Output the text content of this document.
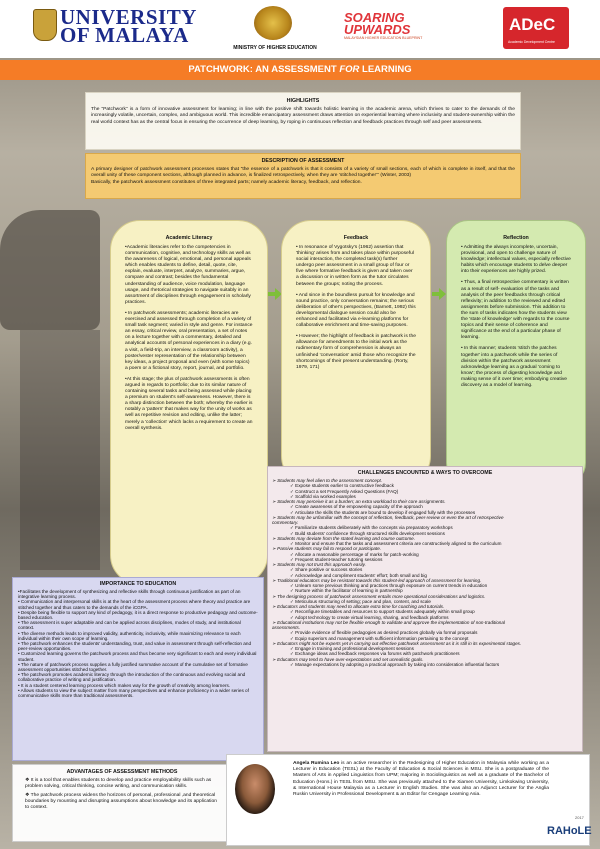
UNIVERSITY
OF MALAYA
MINISTRY OF HIGHER EDUCATION
SOARING UPWARDS
MALAYSIAN HIGHER EDUCATION BLUEPRINT
ADeC
Academic Development Centre
PATCHWORK: AN ASSESSMENT FOR LEARNING
HIGHLIGHTS
The “Patchwork” is a form of innovative assessment for learning; in line with the positive shift towards holistic learning in the academic arena, which thrives to cater to the demands of the increasingly volatile, uncertain, complex, and ambiguous world. This incredible emancipatory assessment draws attention on experiential learning where inclusivity and student-ownership within the real world context has as the central focus in ensuring the occurrence of deep learning, by roping in continuous reflection and feedback practices through self and peer assessments.
DESCRIPTION OF ASSESSMENT
A primary designer of patchwork assessment processes states that “the essence of a patchwork is that it consists of a variety of small sections, each of which is complete in itself, and that the overall unity of these component sections, although planned in advance, is finalized retrospectively, when they are ‘stitched together’” (Winter, 2003)
Basically, the patchwork assessment constitutes of three integrated parts; namely academic literacy, feedback, and reflection.
Academic Literacy

•Academic literacies refer to the competencies in communication, cognitive, and technology skills as well as the awareness of logical, emotional, and personal appeals which enables students to define, detail, quote, cite, explain, evaluate, interpret, analyze, summaries, argue, compare and contrast; besides the fundamental understanding of audience, voice modulation, language usage, and rhetorical strategies to navigate suitably in an assortment of disciplines through engagement in scholarly practices.

• In patchwork assessments; academic literacies are exercised and assessed through completion of a variety of small task segment; varied in style and genre. For instance an essay, critical review, oral presentation, a set of notes on a lecture together with a commentary, detailed and analytical accounts of personal experiences in a diary (e.g. a visit, a field-trip, an interview, a classroom activity), a poster/vester representation of the relationship between key ideas, a project proposal and even (with some topics) a poem or a fictional story, report, journal, and portfolio.

•At this stage; the plus of patchwork assessments is often argued in regards to portfolio; due to its similar nature of containing several tasks and being assessed while placing a premium on student's self-awareness. However, there is a sharp distinction between the both; whereby the earlier is notably a 'pattern' that makes way for the unity of works as well as repetitive revision and editing, unlike the latter; merely a 'collection' which lacks a requirement to create an overall synthesis.

Feedback

• In resonance of Vygotsky's (1962) assertion that 'thinking' arises from and takes place within purposeful social interaction, the completed task(s) further undergo peer assessment in a small group of four or five where formative feedback is given and taken over a discussion or in written form as the tutor circulates between the groups; noting the process.

• And since in the boundless pursuit for knowledge and sound practice, only conversation remains; the serious deliberation of other's perspectives, (Barnett, 1992) this developmental dialogue session could also be enhanced and facilitated via e-learning platforms for collaborative enrichment and time-saving purposes.

• However; the highlight of feedback in patchwork is the allowance for amendments to the initial work as the rudimentary form of comprehension is always an unfinished 'conversation' amid those who recognize the shortcomings of their present understanding. (Rorty, 1979, 171)

Reflection

• Admitting the always incomplete, uncertain, provisional, and open to challenge nature of knowledge; intellectual values, especially reflective habits which encourage students to delve deeper into their experiences are highly prized.

• Thus, a final retrospective commentary is written as a result of self- evaluation of the tasks and analysis of the peer feedbacks through critical reflexivity; in addition to the reviewed and edited assignments before submission. This addition to the sum of tasks indicates how the students view the 'state of knowledge' with regards to the course topics and their sense of coherence and significance at the end of a particular phase of learning.

• In this manner; students 'stitch the patches together' into a patchwork while the series of division within the patchwork assessment acknowledge learning as a gradual 'coming to know'; the process of digesting knowledge and making sense of it over time; embodying creative discovery as a model of learning.

CHALLENGES ENCOUNTED & WAYS TO OVERCOME
➢ Students may feel alien to the assessment concept.
✓ Expose students earlier to constructive feedback
✓ Construct a set Frequently Asked Questions (FAQ)
✓ Scaffold via worked examples
➢ Students may perceive it as a burden; an extra workload to their core assignments.
✓ Create awareness of the empowering capacity of the approach
✓ Articulate the skills the students are bound to develop if engaged fully with the processes
➢ Students may be unfamiliar with the concept of reflection, feedback, peer-review or even the art of retrospective
commentary.
✓ Familiarize students deliberately with the concepts via preparatory workshops
✓ Build students' confidence through structured skills development sessions
➢ Students may deviate from the stated learning and course outcome.
✓ Monitor and ensure that the tasks and assessment criteria are constructively aligned to the curriculum
➢ Passive students may fail to respond or participate.
✓ Allocate a reasonable percentage of marks for patch-working
✓ Frequent student-teacher tutoring sessions
➢ Students may not trust this approach easily.
✓ Share positive or success stories
✓ Acknowledge and compliment students' effort; both small and big
➢ Traditional educators may be resistant towards this student-led approach of assessment for learning.
✓ Unlearn some previous thinking and practices through exposure on current trends in education
✓ Nurture within the facilitator of learning in partnership
➢ The designing process of patchwork assessment entails more operational considerations and logistics.
✓ Meticulous structuring of setting; pace and plan, content, and scale
➢ Educators and students may need to allocate extra time for coaching and tutorials.
✓ Reconfigure timetables and resources to support students adequately within small group
✓ Adopt technology to create virtual learning, sharing, and feedback platforms
➢ Educational institutions may not be flexible enough to validate and approve the implementation of non-traditional
assessments.
✓ Provide evidence of flexible pedagogies as desired practices globally via formal proposals
✓ Equip superiors and management with sufficient information pertaining to the concept
➢ Educators might not be experts yet in carrying out effective patchwork assessment as it is still in its experimental stages.
✓ Engage in training and professional development sessions
✓ Exchange ideas and feedback responses via forums with patchwork practitioners
➢ Educators may tend to have over-expectations and set unrealistic goals.
✓ Manage expectations by adopting a practical approach by taking into consideration influential factors
IMPORTANCE TO EDUCATION
•Facilitates the development of synthesizing and reflective skills through continuous justification as part of an integrative learning process.
• Communication and interpersonal skills is at the heart of the assessment process where theory and practice are stitched together and thus caters to the demands of the iCGPA.
• Despite being flexible to support any kind of pedagogy, it is a direct response to productive pedagogy and outcome-based education.
• The assessment is super adaptable and can be applied across disciplines, modes of study, and institutional context.
• The diverse methods leads to improved validity, authenticity, inclusivity, while maximizing relevance to each individual within their own scope of learning.
• The patchwork enhances the students' understanding, trust, and value in assessment through self-reflection and peer-review opportunities.
• Customized learning governs the patchwork process and thus become very significant to each and every individual student.
• The nature of patchwork process supplies a fully justified summative account of the cumulative set of formative assessment opportunities stitched together.
• The patchwork promotes academic literacy through the introduction of the continuous and evolving social and collaborative practice of writing and justification.
• It is a student centered learning process which makes way for the growth of creativity among learners.
• Allows students to view the subject matter from many perspectives and enhance proficiency in a wider series of communicative skills more than traditional assessments.
ADVANTAGES OF ASSESSMENT METHODS

❖ It is a tool that enables students to develop and practice employability skills such as problem solving, critical thinking, concise writing, and communication skills.

❖ The patchwork process widens the horizons of personal, professional ,and theoretical boundaries by mounting and disrupting assumptions about knowledge and its application to context.

Angela Rumina Leo is an active researcher in the Redesigning of Higher Education in Malaysia while working as a Lecturer in Education (TESL) at the Faculty of Education & Social Sciences in MSU. She is a postgraduate of the Masters of Arts in Applied Linguistics from UPM; majoring in Sociolinguistics as well as a graduate of the Bachelor of Education (Hons.) in TESL from MSU. She was previously attached to the Xiamen University, Limkokwing University, & International House Malaysia as a Lecturer in English Studies. She was also an Adjunct Lecturer for the Anglia Ruskin University in Professional Development & an Editor for Cengage Learning Asia.
2017
RAHoLE
